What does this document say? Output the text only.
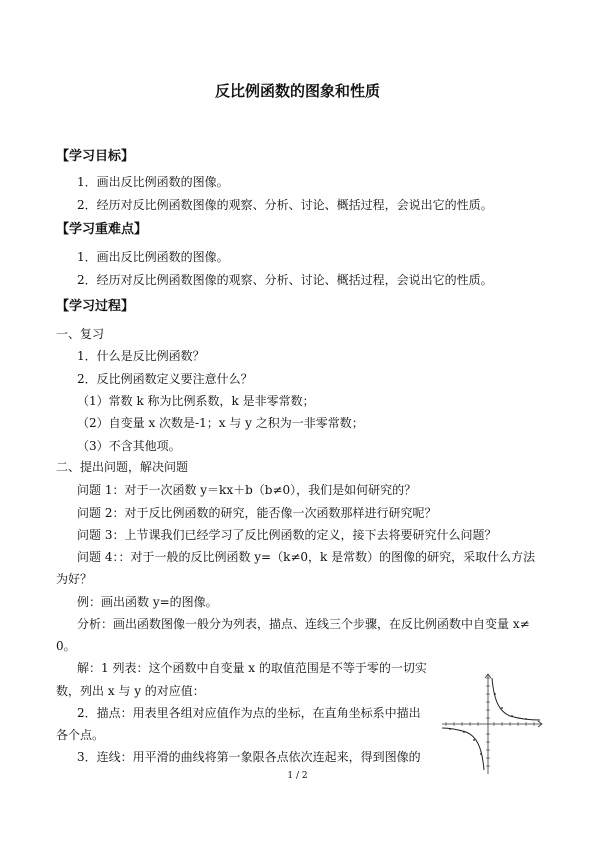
反比例函数的图象和性质
【学习目标】
1．画出反比例函数的图像。
2．经历对反比例函数图像的观察、分析、讨论、概括过程，会说出它的性质。
【学习重难点】
1．画出反比例函数的图像。
2．经历对反比例函数图像的观察、分析、讨论、概括过程，会说出它的性质。
【学习过程】
一、复习
1．什么是反比例函数？
2．反比例函数定义要注意什么？
（1）常数 k 称为比例系数，k 是非零常数；
（2）自变量 x 次数是-1；x 与 y 之积为一非零常数；
（3）不含其他项。
二、提出问题，解决问题
问题 1：对于一次函数 y＝kx＋b（b≠0），我们是如何研究的？
问题 2：对于反比例函数的研究，能否像一次函数那样进行研究呢？
问题 3：上节课我们已经学习了反比例函数的定义，接下去将要研究什么问题？
问题 4：：对于一般的反比例函数 y=（k≠0，k 是常数）的图像的研究，采取什么方法
为好？
例：画出函数 y=的图像。
分析：画出函数图像一般分为列表，描点、连线三个步骤，在反比例函数中自变量 x≠
0。
解：1 列表：这个函数中自变量 x 的取值范围是不等于零的一切实
数，列出 x 与 y 的对应值：
2．描点：用表里各组对应值作为点的坐标，在直角坐标系中描出
各个点。
3．连线：用平滑的曲线将第一象限各点依次连起来，得到图像的
1 / 2
